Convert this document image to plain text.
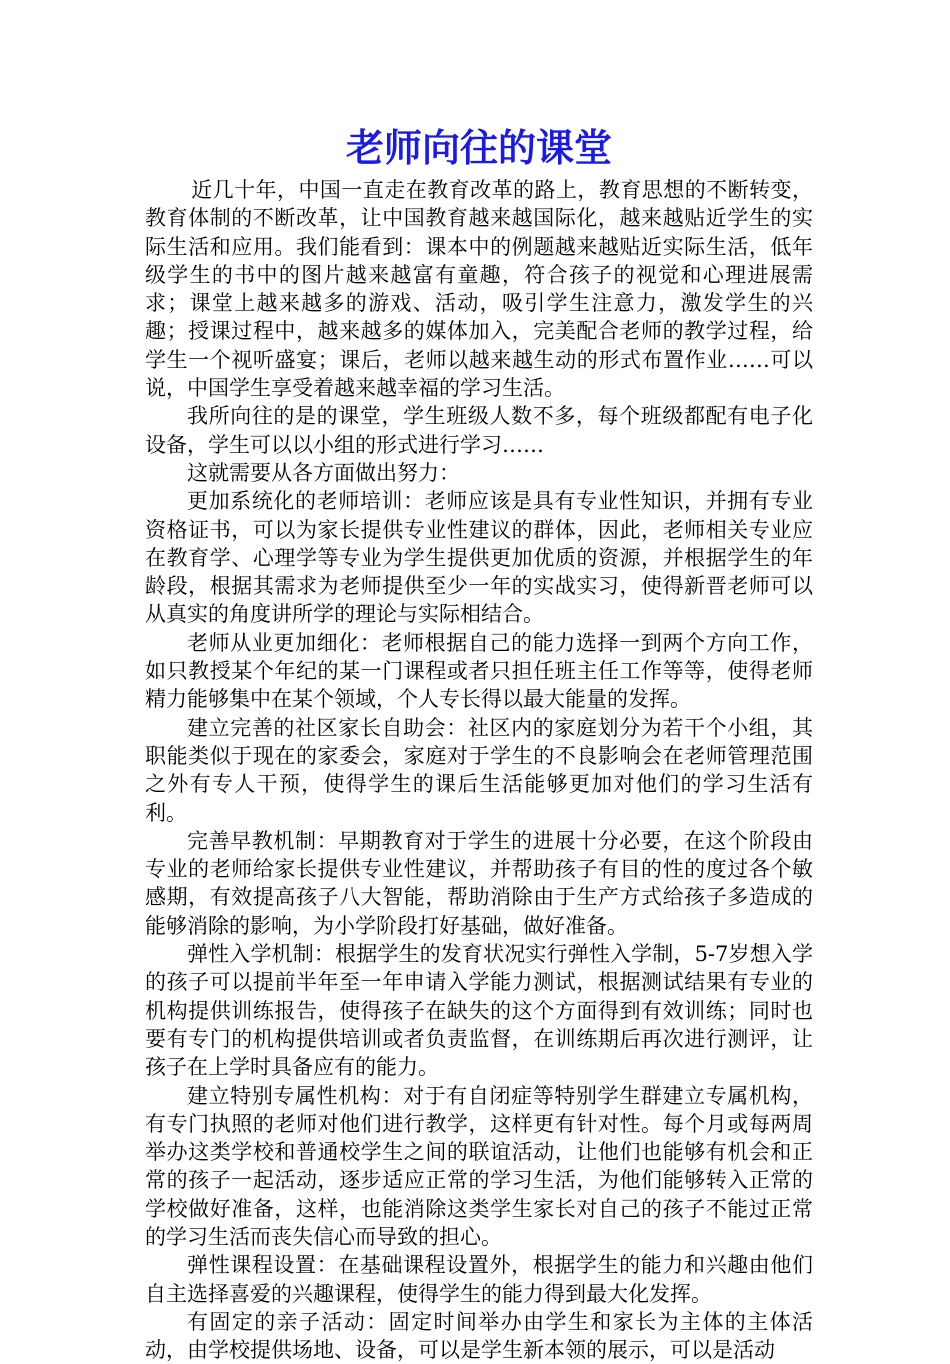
老师向往的课堂

近几十年，中国一直走在教育改革的路上，教育思想的不断转变，教育体制的不断改革，让中国教育越来越国际化，越来越贴近学生的实际生活和应用。我们能看到：课本中的例题越来越贴近实际生活，低年级学生的书中的图片越来越富有童趣，符合孩子的视觉和心理进展需求；课堂上越来越多的游戏、活动，吸引学生注意力，激发学生的兴趣；授课过程中，越来越多的媒体加入，完美配合老师的教学过程，给学生一个视听盛宴；课后，老师以越来越生动的形式布置作业……可以说，中国学生享受着越来越幸福的学习生活。

我所向往的是的课堂，学生班级人数不多，每个班级都配有电子化设备，学生可以以小组的形式进行学习……

这就需要从各方面做出努力：

更加系统化的老师培训：老师应该是具有专业性知识，并拥有专业资格证书，可以为家长提供专业性建议的群体，因此，老师相关专业应在教育学、心理学等专业为学生提供更加优质的资源，并根据学生的年龄段，根据其需求为老师提供至少一年的实战实习，使得新晋老师可以从真实的角度讲所学的理论与实际相结合。

老师从业更加细化：老师根据自己的能力选择一到两个方向工作，如只教授某个年纪的某一门课程或者只担任班主任工作等等，使得老师精力能够集中在某个领域，个人专长得以最大能量的发挥。

建立完善的社区家长自助会：社区内的家庭划分为若干个小组，其职能类似于现在的家委会，家庭对于学生的不良影响会在老师管理范围之外有专人干预，使得学生的课后生活能够更加对他们的学习生活有利。

完善早教机制：早期教育对于学生的进展十分必要，在这个阶段由专业的老师给家长提供专业性建议，并帮助孩子有目的性的度过各个敏感期，有效提高孩子八大智能，帮助消除由于生产方式给孩子多造成的能够消除的影响，为小学阶段打好基础，做好准备。

弹性入学机制：根据学生的发育状况实行弹性入学制，5-7岁想入学的孩子可以提前半年至一年申请入学能力测试，根据测试结果有专业的机构提供训练报告，使得孩子在缺失的这个方面得到有效训练；同时也要有专门的机构提供培训或者负责监督，在训练期后再次进行测评，让孩子在上学时具备应有的能力。

建立特别专属性机构：对于有自闭症等特别学生群建立专属机构，有专门执照的老师对他们进行教学，这样更有针对性。每个月或每两周举办这类学校和普通校学生之间的联谊活动，让他们也能够有机会和正常的孩子一起活动，逐步适应正常的学习生活，为他们能够转入正常的学校做好准备，这样，也能消除这类学生家长对自己的孩子不能过正常的学习生活而丧失信心而导致的担心。

弹性课程设置：在基础课程设置外，根据学生的能力和兴趣由他们自主选择喜爱的兴趣课程，使得学生的能力得到最大化发挥。

有固定的亲子活动：固定时间举办由学生和家长为主体的主体活动，由学校提供场地、设备，可以是学生新本领的展示，可以是活动
